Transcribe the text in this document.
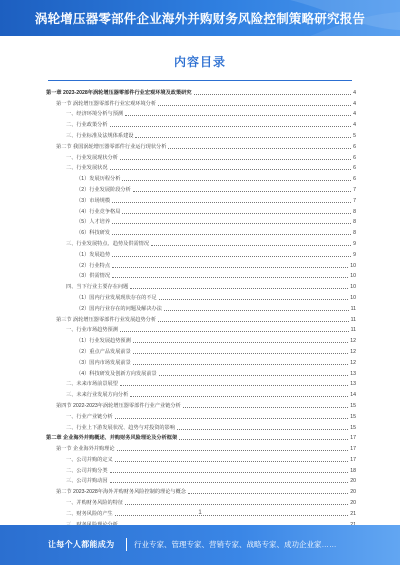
涡轮增压器零部件企业海外并购财务风险控制策略研究报告
内容目录
第一章 2023-2028年涡轮增压器零部件行业宏观环境及政策研究	4
第一节 涡轮增压器零部件行业宏观环境分析	4
一、经济环境分析与预测	4
二、行业政策分析	4
三、行业标准及法规体系建设	5
第二节 我国涡轮增压器零部件行业运行现状分析	6
一、行业发展现状分析	6
二、行业发展状况	6
（1）发展历程分析	6
（2）行业发展阶段分析	7
（3）市场规模	7
（4）行业竞争格局	8
（5）人才培养	8
（6）科技研发	8
三、行业发展特点、趋势及供需情况	9
（1）发展趋势	9
（2）行业特点	10
（3）供需情况	10
四、当下行业主要存在问题	10
（1）国内行业发展现状存在的不足	10
（2）国内行业存在的问题及解决办法	11
第三节 涡轮增压器零部件行业发展趋势分析	11
一、行业市场趋势预测	11
（1）行业发展趋势预测	12
（2）重点产品发展前景	12
（3）国内市场发展前景	12
（4）科技研发及创新方向发展前景	13
二、未来市场前景展望	13
三、未来行业发展方向分析	14
第四节 2022-2023年涡轮增压器零部件行业产业链分析	15
一、行业产业链分析	15
二、行业上下游发展状况、趋势与对投资的影响	15
第二章 企业海外并购概述、并购财务风险理论及分析框架	17
第一节 企业海外并购理论	17
一、公司并购的定义	17
二、公司并购分类	18
三、公司并购动因	20
第二节 2023-2028年海外并购财务风险控制的理论与概念	20
一、并购财务风险的特征	20
二、财务风险的产生	21
1
让每个人都能成为	行业专家、管理专家、营销专家、战略专家、成功企业家……
